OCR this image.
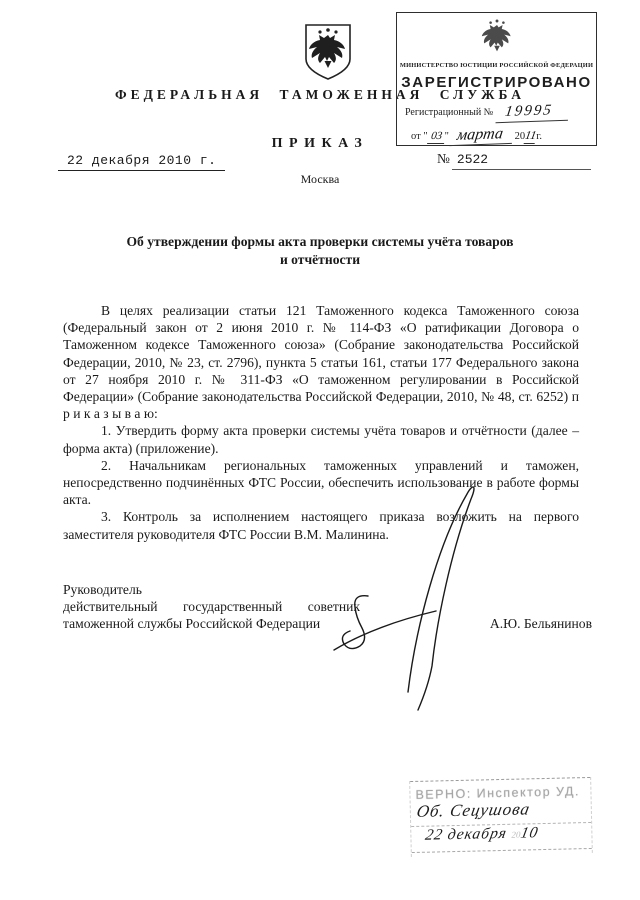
ФЕДЕРАЛЬНАЯ ТАМОЖЕННАЯ СЛУЖБА
МИНИСТЕРСТВО ЮСТИЦИИ РОССИЙСКОЙ ФЕДЕРАЦИИ
ЗАРЕГИСТРИРОВАНО
Регистрационный № 19995
от " 03 " марта 2011г.
ПРИКАЗ
22 декабря 2010 г.	№ 2522
Москва
Об утверждении формы акта проверки системы учёта товаров
и отчётности

В целях реализации статьи 121 Таможенного кодекса Таможенного союза (Федеральный закон от 2 июня 2010 г. № 114-ФЗ «О ратификации Договора о Таможенном кодексе Таможенного союза» (Собрание законодательства Российской Федерации, 2010, № 23, ст. 2796), пункта 5 статьи 161, статьи 177 Федерального закона от 27 ноября 2010 г. № 311-ФЗ «О таможенном регулировании в Российской Федерации» (Собрание законодательства Российской Федерации, 2010, № 48, ст. 6252) п р и к а з ы в а ю:

1. Утвердить форму акта проверки системы учёта товаров и отчётности (далее – форма акта) (приложение).

2. Начальникам региональных таможенных управлений и таможен, непосредственно подчинённых ФТС России, обеспечить использование в работе формы акта.

3. Контроль за исполнением настоящего приказа возложить на первого заместителя руководителя ФТС России В.М. Малинина.

Руководитель
действительный государственный советник
таможенной службы Российской Федерации	А.Ю. Бельянинов
ВЕРНО: Инспектор УД.
Об. Сецушова
22 декабря 2010
